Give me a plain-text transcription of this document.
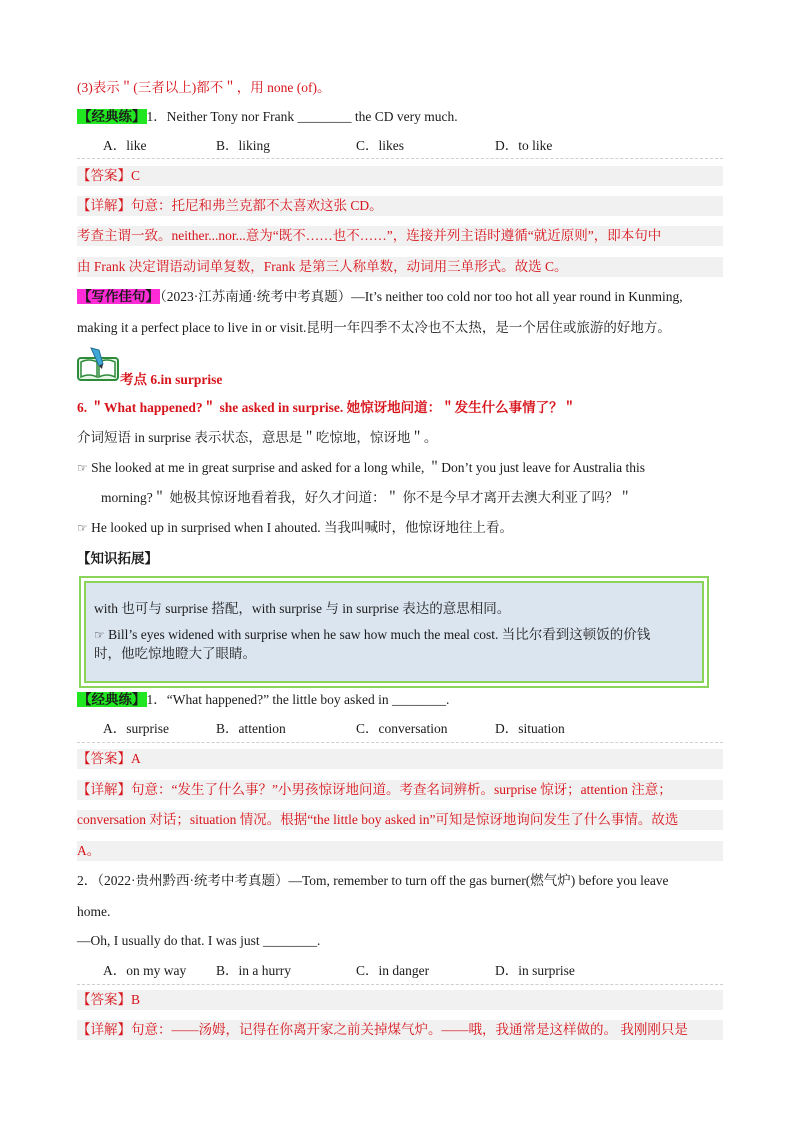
(3)表示＂(三者以上)都不＂，用 none (of)。
【经典练】1．Neither Tony nor Frank ________ the CD very much.
A．like	B．liking	C．likes	D．to like
【答案】C
【详解】句意：托尼和弗兰克都不太喜欢这张 CD。
考查主谓一致。neither...nor...意为“既不……也不……”，连接并列主语时遵循“就近原则”，即本句中
由 Frank 决定谓语动词单复数，Frank 是第三人称单数，动词用三单形式。故选 C。
【写作佳句】（2023·江苏南通·统考中考真题）—It’s neither too cold nor too hot all year round in Kunming,
making it a perfect place to live in or visit.昆明一年四季不太冷也不太热，是一个居住或旅游的好地方。
考点 6.in surprise
6. ＂What happened?＂ she asked in surprise. 她惊讶地问道：＂发生什么事情了？＂
介词短语 in surprise 表示状态，意思是＂吃惊地，惊讶地＂。
☞ She looked at me in great surprise and asked for a long while, ＂Don’t you just leave for Australia this
morning?＂ 她极其惊讶地看着我，好久才问道：＂ 你不是今早才离开去澳大利亚了吗？＂
☞ He looked up in surprised when I ahouted. 当我叫喊时，他惊讶地往上看。
【知识拓展】
with 也可与 surprise 搭配，with surprise 与 in surprise 表达的意思相同。
☞ Bill’s eyes widened with surprise when he saw how much the meal cost. 当比尔看到这顿饭的价钱
时，他吃惊地瞪大了眼睛。
【经典练】1．“What happened?” the little boy asked in ________.
A．surprise	B．attention	C．conversation	D．situation
【答案】A
【详解】句意：“发生了什么事？”小男孩惊讶地问道。考查名词辨析。surprise 惊讶；attention 注意；
conversation 对话；situation 情况。根据“the little boy asked in”可知是惊讶地询问发生了什么事情。故选
A。
2．（2022·贵州黔西·统考中考真题）—Tom, remember to turn off the gas burner(燃气炉) before you leave
home.
—Oh, I usually do that. I was just ________.
A．on my way B．in a hurry	C．in danger	D．in surprise
【答案】B
【详解】句意：——汤姆，记得在你离开家之前关掉煤气炉。——哦，我通常是这样做的。 我刚刚只是
